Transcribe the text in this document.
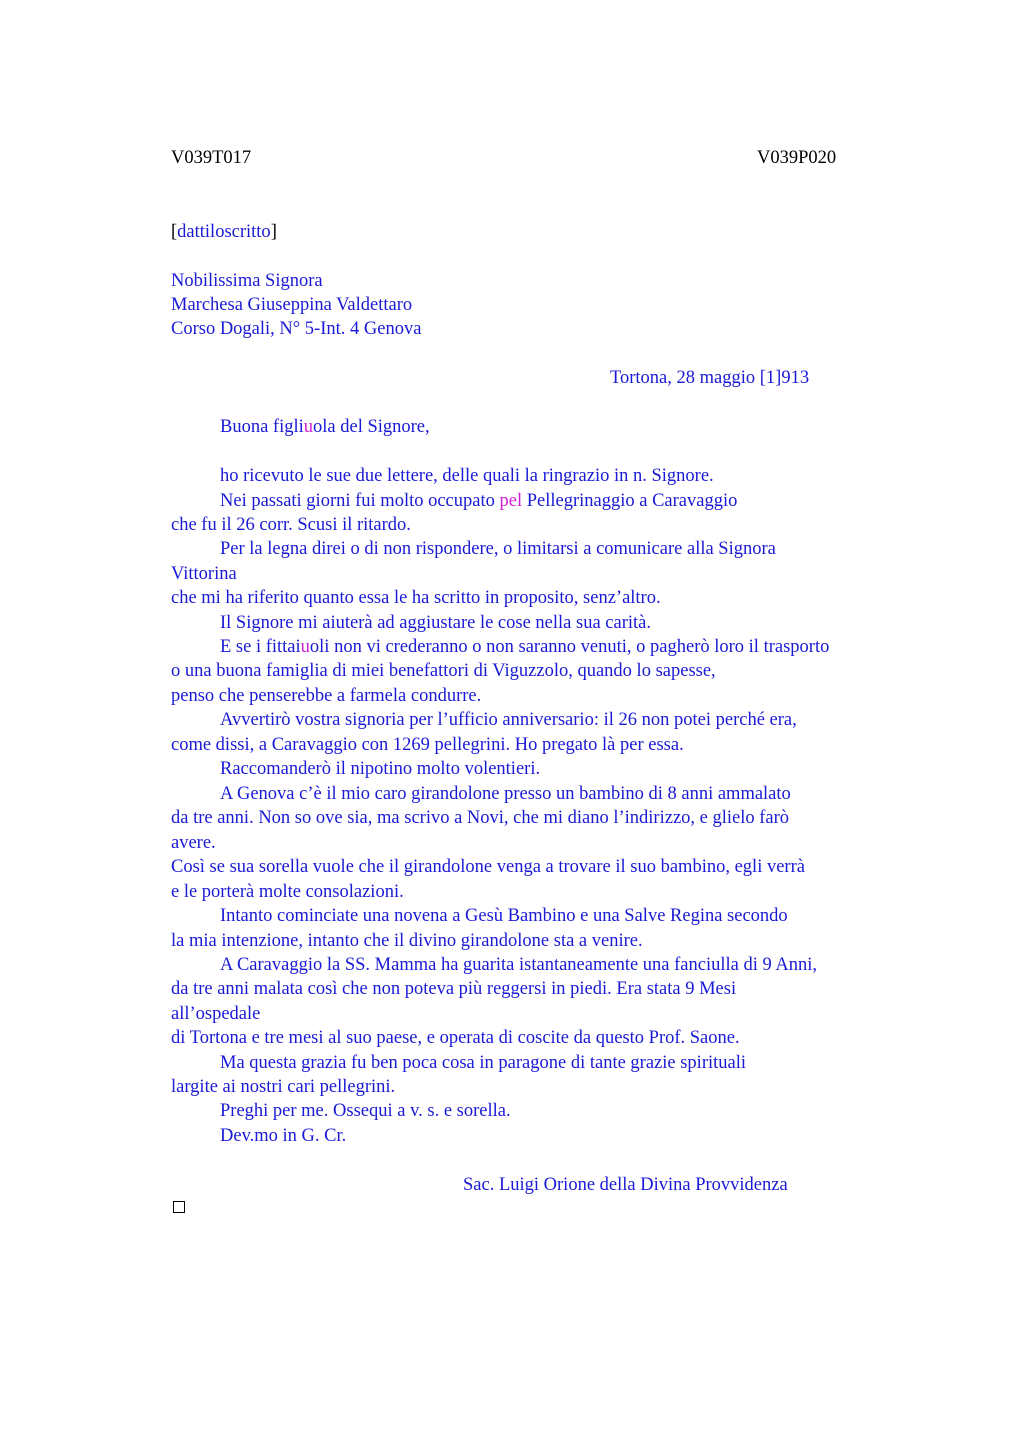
V039T017	V039P020
[dattiloscritto]
Nobilissima Signora
Marchesa Giuseppina Valdettaro
Corso Dogali, N° 5-Int. 4 Genova
Tortona, 28 maggio [1]913
Buona figliuola del Signore,
ho ricevuto le sue due lettere, delle quali la ringrazio in n. Signore.
Nei passati giorni fui molto occupato pel Pellegrinaggio a Caravaggio
che fu il 26 corr. Scusi il ritardo.
Per la legna direi o di non rispondere, o limitarsi a comunicare alla Signora
Vittorina
che mi ha riferito quanto essa le ha scritto in proposito, senz’altro.
Il Signore mi aiuterà ad aggiustare le cose nella sua carità.
E se i fittaiuoli non vi crederanno o non saranno venuti, o pagherò loro il trasporto
o una buona famiglia di miei benefattori di Viguzzolo, quando lo sapesse,
penso che penserebbe a farmela condurre.
Avvertirò vostra signoria per l’ufficio anniversario: il 26 non potei perché era,
come dissi, a Caravaggio con 1269 pellegrini. Ho pregato là per essa.
Raccomanderò il nipotino molto volentieri.
A Genova c’è il mio caro girandolone presso un bambino di 8 anni ammalato
da tre anni. Non so ove sia, ma scrivo a Novi, che mi diano l’indirizzo, e glielo farò
avere.
Così se sua sorella vuole che il girandolone venga a trovare il suo bambino, egli verrà
e le porterà molte consolazioni.
Intanto cominciate una novena a Gesù Bambino e una Salve Regina secondo
la mia intenzione, intanto che il divino girandolone sta a venire.
A Caravaggio la SS. Mamma ha guarita istantaneamente una fanciulla di 9 Anni,
da tre anni malata così che non poteva più reggersi in piedi. Era stata 9 Mesi
all’ospedale
di Tortona e tre mesi al suo paese, e operata di coscite da questo Prof. Saone.
Ma questa grazia fu ben poca cosa in paragone di tante grazie spirituali
largite ai nostri cari pellegrini.
Preghi per me. Ossequi a v. s. e sorella.
Dev.mo in G. Cr.
Sac. Luigi Orione della Divina Provvidenza
